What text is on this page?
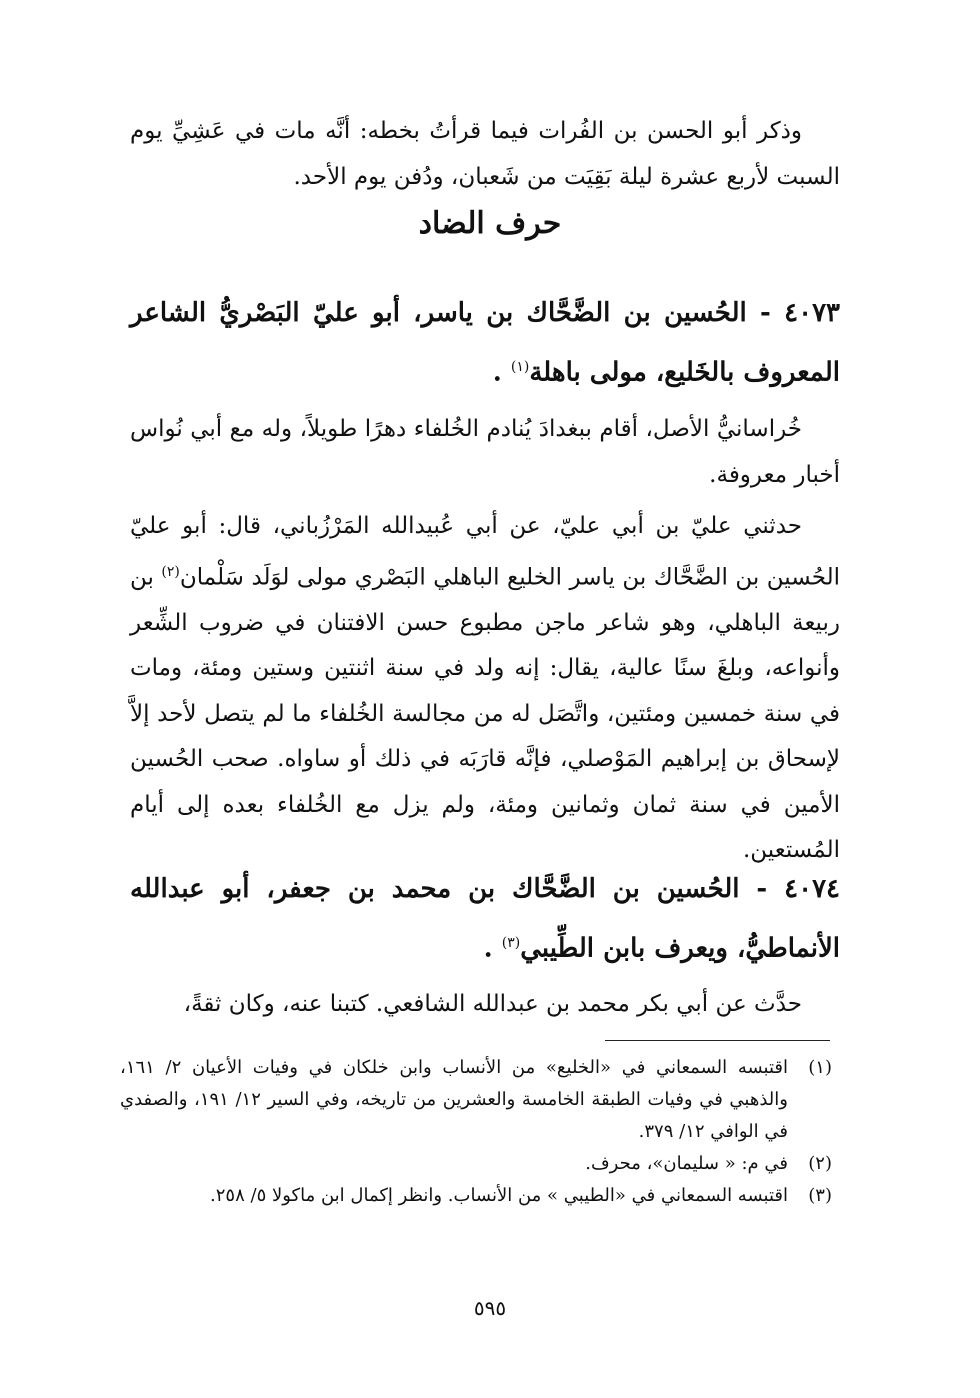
وذكر أبو الحسن بن الفُرات فيما قرأتُ بخطه: أنَّه مات في عَشِيِّ يوم السبت لأربع عشرة ليلة بَقِيَت من شَعبان، ودُفن يوم الأحد.

حرف الضاد
٤٠٧٣ - الحُسين بن الضَّحَّاك بن ياسر، أبو عليّ البَصْريُّ الشاعر المعروف بالخَليع، مولى باهلة$^{(١)}$ .

خُراسانيُّ الأصل، أقام ببغدادَ يُنادم الخُلفاء دهرًا طويلاً، وله مع أبي نُواس أخبار معروفة.

حدثني عليّ بن أبي عليّ، عن أبي عُبيدالله المَرْزُباني، قال: أبو عليّ الحُسين بن الضَّحَّاك بن ياسر الخليع الباهلي البَصْري مولى لوَلَد سَلْمان$^{(٢)}$ بن ربيعة الباهلي، وهو شاعر ماجن مطبوع حسن الافتنان في ضروب الشِّعر وأنواعه، وبلغَ سنًا عالية، يقال: إنه ولد في سنة اثنتين وستين ومئة، ومات في سنة خمسين ومئتين، واتَّصَل له من مجالسة الخُلفاء ما لم يتصل لأحد إلاَّ لإسحاق بن إبراهيم المَوْصلي، فإنَّه قارَبَه في ذلك أو ساواه. صحب الحُسين الأمين في سنة ثمان وثمانين ومئة، ولم يزل مع الخُلفاء بعده إلى أيام المُستعين.

٤٠٧٤ - الحُسين بن الضَّحَّاك بن محمد بن جعفر، أبو عبدالله الأنماطيُّ، ويعرف بابن الطِّيبي$^{(٣)}$ .

حدَّث عن أبي بكر محمد بن عبدالله الشافعي. كتبنا عنه، وكان ثقةً،

(١)
اقتبسه السمعاني في «الخليع» من الأنساب وابن خلكان في وفيات الأعيان ٢/ ١٦١، والذهبي في وفيات الطبقة الخامسة والعشرين من تاريخه، وفي السير ١٢/ ١٩١، والصفدي في الوافي ١٢/ ٣٧٩.
(٢)
في م: « سليمان»، محرف.
(٣)
اقتبسه السمعاني في «الطيبي » من الأنساب. وانظر إكمال ابن ماكولا ٥/ ٢٥٨.
٥٩٥
